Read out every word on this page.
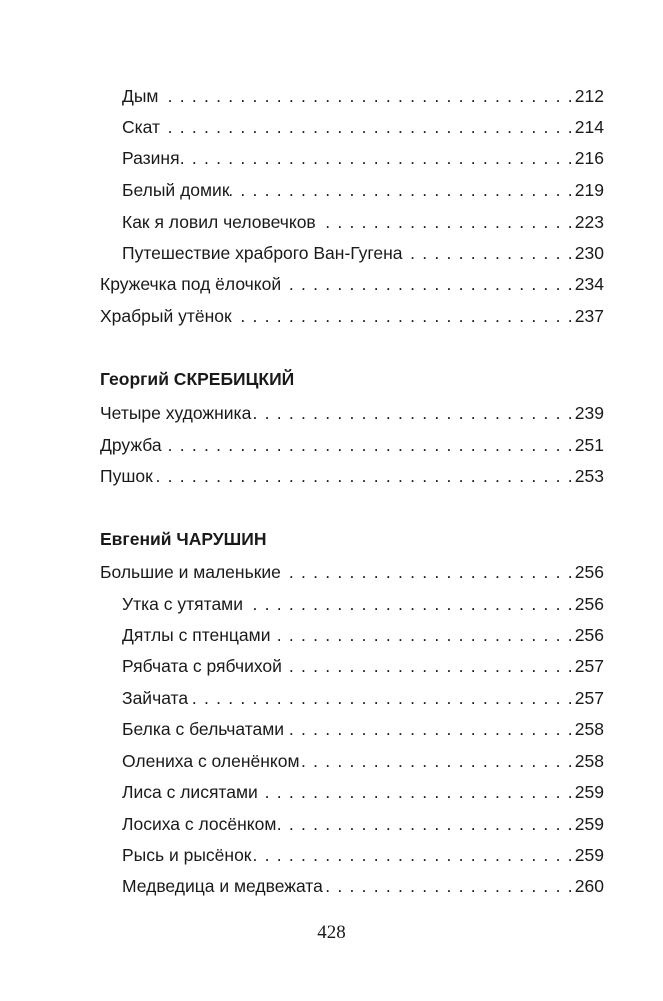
Дым . . .	212
Скат . . .	214
Разиня . . .	216
Белый домик . . .	219
Как я ловил человечков . . .	223
Путешествие храброго Ван-Гугена . . .	230
Кружечка под ёлочкой . . .	234
Храбрый утёнок . . .	237
Георгий СКРЕБИЦКИЙ
Четыре художника . . .	239
Дружба . . .	251
Пушок . . .	253
Евгений ЧАРУШИН
Большие и маленькие . . .	256
Утка с утятами . . .	256
Дятлы с птенцами . . .	256
Рябчата с рябчихой . . .	257
Зайчата . . .	257
Белка с бельчатами . . .	258
Олениха с оленёнком . . .	258
Лиса с лисятами . . .	259
Лосиха с лосёнком . . .	259
Рысь и рысёнок . . .	259
Медведица и медвежата . . .	260
428
